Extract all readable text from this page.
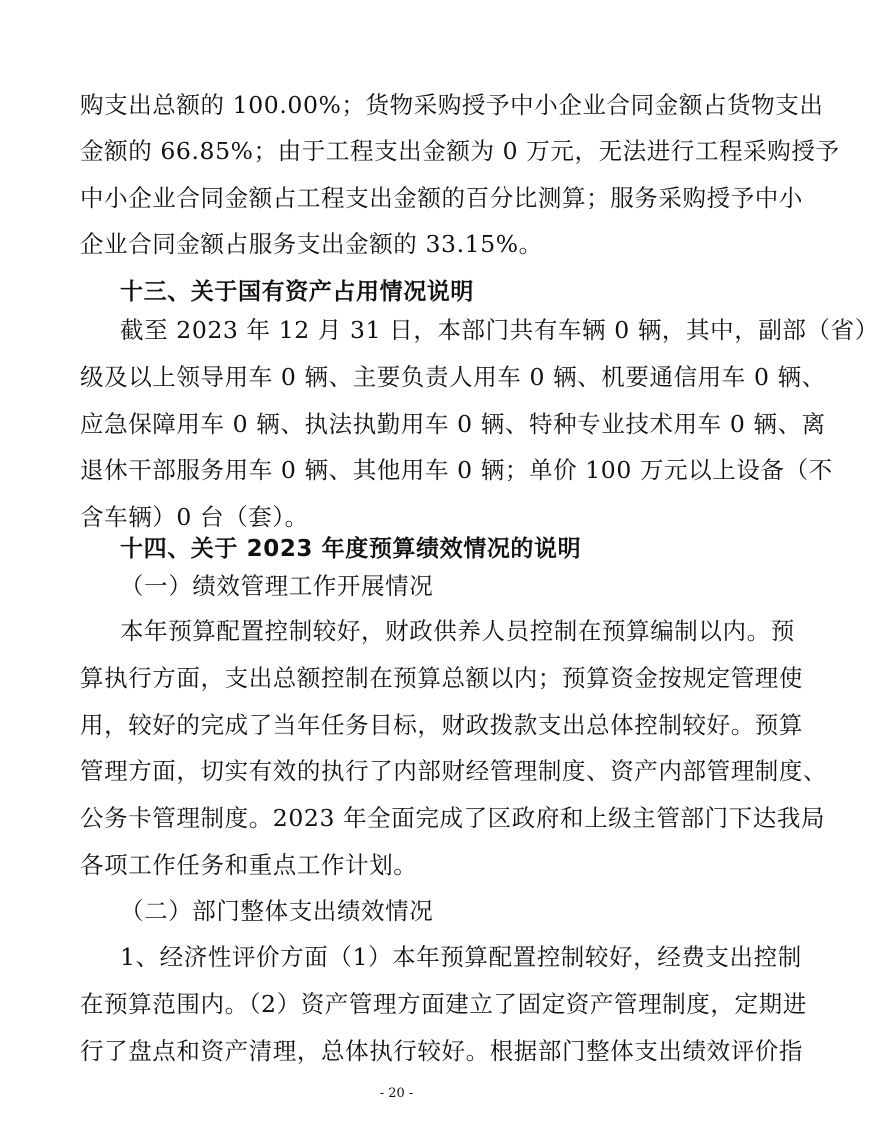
购支出总额的 100.00%；货物采购授予中小企业合同金额占货物支出
金额的 66.85%；由于工程支出金额为 0 万元，无法进行工程采购授予
中小企业合同金额占工程支出金额的百分比测算；服务采购授予中小
企业合同金额占服务支出金额的 33.15%。
十三、关于国有资产占用情况说明
截至 2023 年 12 月 31 日，本部门共有车辆 0 辆，其中，副部（省）
级及以上领导用车 0 辆、主要负责人用车 0 辆、机要通信用车 0 辆、
应急保障用车 0 辆、执法执勤用车 0 辆、特种专业技术用车 0 辆、离
退休干部服务用车 0 辆、其他用车 0 辆；单价 100 万元以上设备（不
含车辆）0 台（套）。
十四、关于 2023 年度预算绩效情况的说明
（一）绩效管理工作开展情况
本年预算配置控制较好，财政供养人员控制在预算编制以内。预
算执行方面，支出总额控制在预算总额以内；预算资金按规定管理使
用，较好的完成了当年任务目标，财政拨款支出总体控制较好。预算
管理方面，切实有效的执行了内部财经管理制度、资产内部管理制度、
公务卡管理制度。2023 年全面完成了区政府和上级主管部门下达我局
各项工作任务和重点工作计划。
（二）部门整体支出绩效情况
1、经济性评价方面（1）本年预算配置控制较好，经费支出控制
在预算范围内。（2）资产管理方面建立了固定资产管理制度，定期进
行了盘点和资产清理，总体执行较好。根据部门整体支出绩效评价指
- 20 -
